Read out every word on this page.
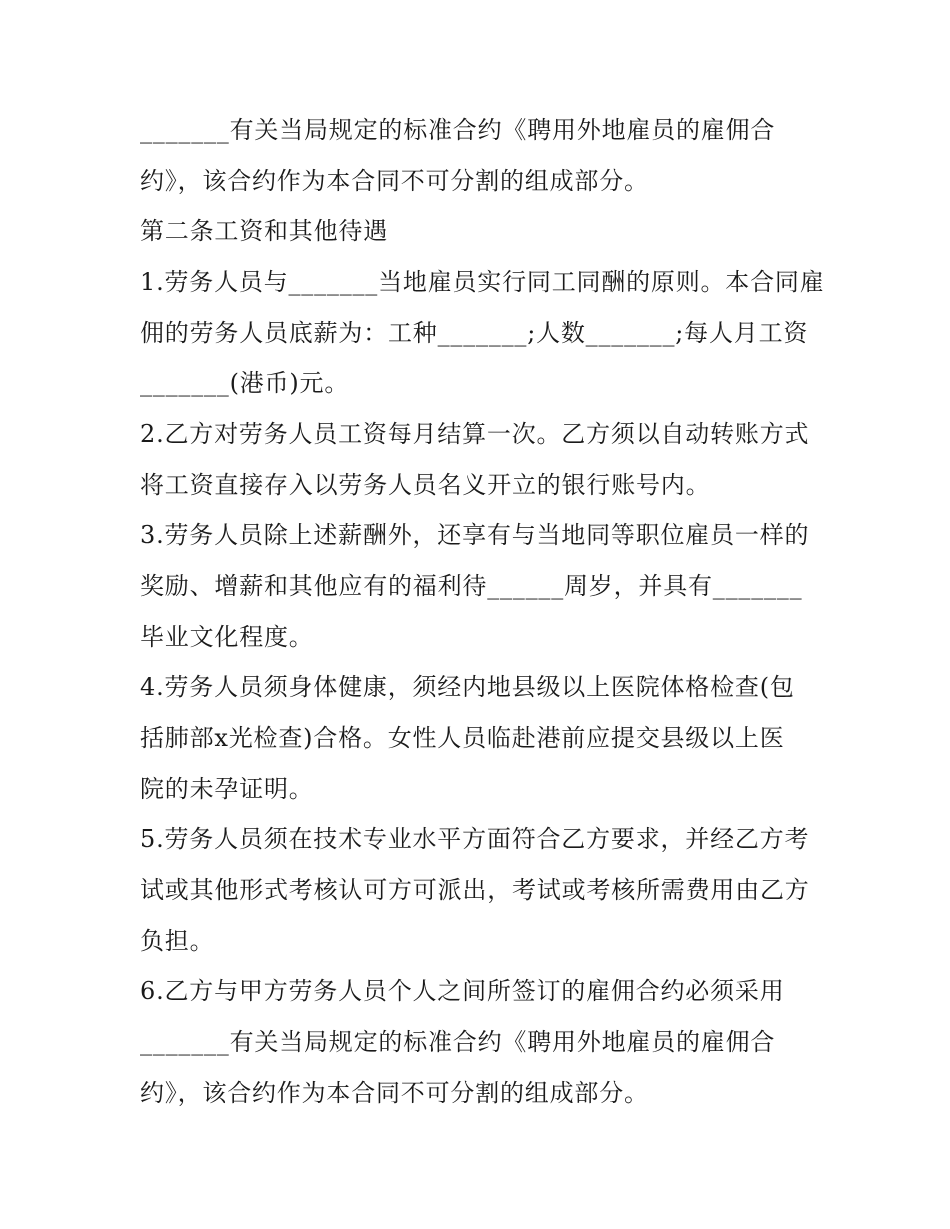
_______有关当局规定的标准合约《聘用外地雇员的雇佣合
约》，该合约作为本合同不可分割的组成部分。
第二条工资和其他待遇
1.劳务人员与_______当地雇员实行同工同酬的原则。本合同雇
佣的劳务人员底薪为：工种_______;人数_______;每人月工资
_______(港币)元。
2.乙方对劳务人员工资每月结算一次。乙方须以自动转账方式
将工资直接存入以劳务人员名义开立的银行账号内。
3.劳务人员除上述薪酬外，还享有与当地同等职位雇员一样的
奖励、增薪和其他应有的福利待______周岁，并具有_______
毕业文化程度。
4.劳务人员须身体健康，须经内地县级以上医院体格检查(包
括肺部x光检查)合格。女性人员临赴港前应提交县级以上医
院的未孕证明。
5.劳务人员须在技术专业水平方面符合乙方要求，并经乙方考
试或其他形式考核认可方可派出，考试或考核所需费用由乙方
负担。
6.乙方与甲方劳务人员个人之间所签订的雇佣合约必须采用
_______有关当局规定的标准合约《聘用外地雇员的雇佣合
约》，该合约作为本合同不可分割的组成部分。
